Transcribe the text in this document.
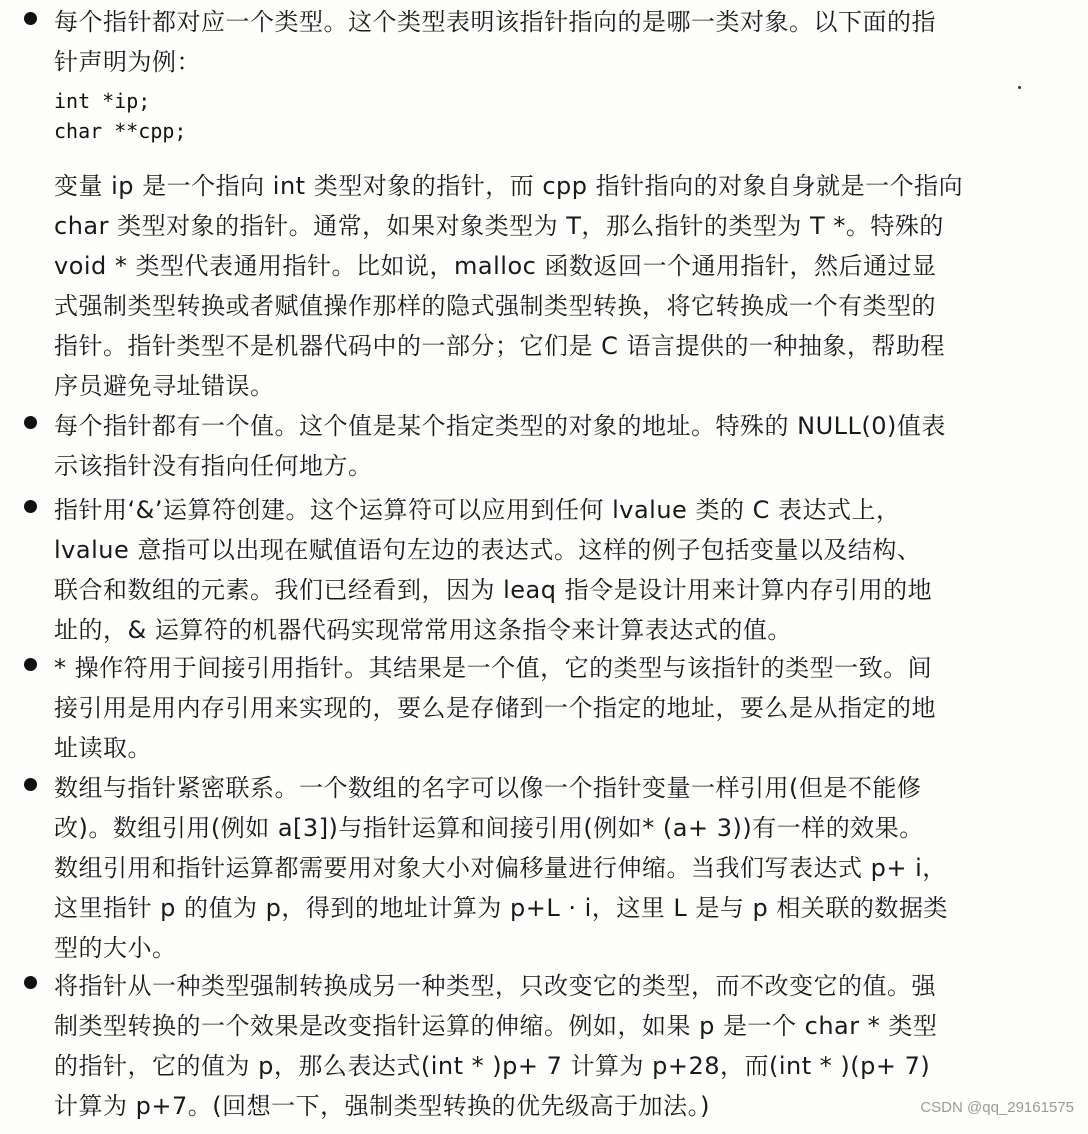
每个指针都对应一个类型。这个类型表明该指针指向的是哪一类对象。以下面的指
针声明为例：
int *ip;
char **cpp;
变量 ip 是一个指向 int 类型对象的指针，而 cpp 指针指向的对象自身就是一个指向
char 类型对象的指针。通常，如果对象类型为 T，那么指针的类型为 T *。特殊的
void * 类型代表通用指针。比如说，malloc 函数返回一个通用指针，然后通过显
式强制类型转换或者赋值操作那样的隐式强制类型转换，将它转换成一个有类型的
指针。指针类型不是机器代码中的一部分；它们是 C 语言提供的一种抽象，帮助程
序员避免寻址错误。
每个指针都有一个值。这个值是某个指定类型的对象的地址。特殊的 NULL(0)值表
示该指针没有指向任何地方。
指针用‘&’运算符创建。这个运算符可以应用到任何 lvalue 类的 C 表达式上，
lvalue 意指可以出现在赋值语句左边的表达式。这样的例子包括变量以及结构、
联合和数组的元素。我们已经看到，因为 leaq 指令是设计用来计算内存引用的地
址的，& 运算符的机器代码实现常常用这条指令来计算表达式的值。
* 操作符用于间接引用指针。其结果是一个值，它的类型与该指针的类型一致。间
接引用是用内存引用来实现的，要么是存储到一个指定的地址，要么是从指定的地
址读取。
数组与指针紧密联系。一个数组的名字可以像一个指针变量一样引用(但是不能修
改)。数组引用(例如 a[3])与指针运算和间接引用(例如* (a+ 3))有一样的效果。
数组引用和指针运算都需要用对象大小对偏移量进行伸缩。当我们写表达式 p+ i，
这里指针 p 的值为 p，得到的地址计算为 p+L · i，这里 L 是与 p 相关联的数据类
型的大小。
将指针从一种类型强制转换成另一种类型，只改变它的类型，而不改变它的值。强
制类型转换的一个效果是改变指针运算的伸缩。例如，如果 p 是一个 char * 类型
的指针，它的值为 p，那么表达式(int * )p+ 7 计算为 p+28，而(int * )(p+ 7)
计算为 p+7。(回想一下，强制类型转换的优先级高于加法。)	CSDN @qq_29161575
